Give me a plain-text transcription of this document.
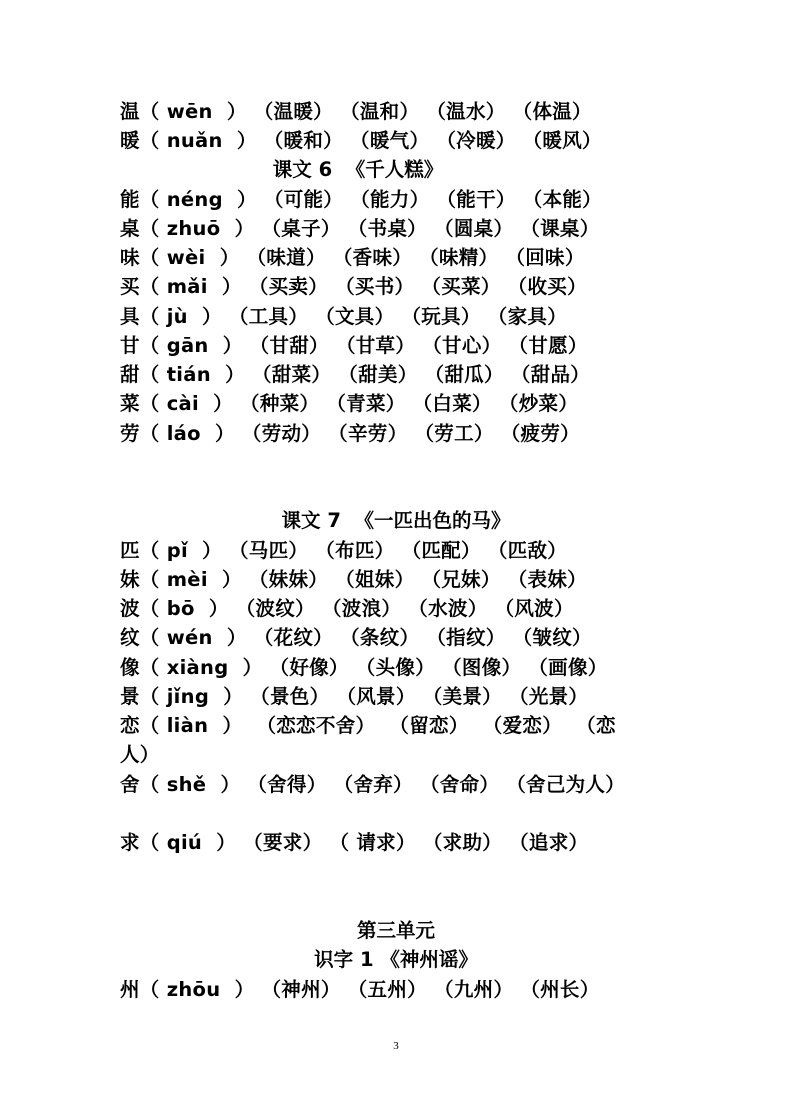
温（ wēn  ） （温暖） （温和） （温水） （体温）
暖（ nuǎn  ） （暖和） （暖气） （冷暖） （暖风）
课文 6  《千人糕》
能（ néng  ） （可能） （能力） （能干） （本能）
桌（ zhuō  ） （桌子） （书桌） （圆桌） （课桌）
味（ wèi  ） （味道） （香味） （味精） （回味）
买（ mǎi  ） （买卖） （买书） （买菜） （收买）
具（ jù  ） （工具） （文具） （玩具） （家具）
甘（ gān  ） （甘甜） （甘草） （甘心） （甘愿）
甜（ tián  ） （甜菜） （甜美） （甜瓜） （甜品）
菜（ cài  ） （种菜） （青菜） （白菜） （炒菜）
劳（ láo  ） （劳动） （辛劳） （劳工） （疲劳）
课文 7  《一匹出色的马》
匹（ pǐ  ） （马匹） （布匹） （匹配） （匹敌）
妹（ mèi  ） （妹妹） （姐妹） （兄妹） （表妹）
波（ bō  ） （波纹） （波浪） （水波） （风波）
纹（ wén  ） （花纹） （条纹） （指纹） （皱纹）
像（ xiàng  ） （好像） （头像） （图像） （画像）
景（ jǐng  ） （景色） （风景） （美景） （光景）
恋（ liàn  ）  （恋恋不舍）  （留恋）  （爱恋）  （恋
人）
舍（ shě  ） （舍得） （舍弃） （舍命） （舍己为人）
求（ qiú  ） （要求） （ 请求） （求助） （追求）
第三单元
识字 1 《神州谣》
州（ zhōu  ） （神州） （五州） （九州） （州长）
3
